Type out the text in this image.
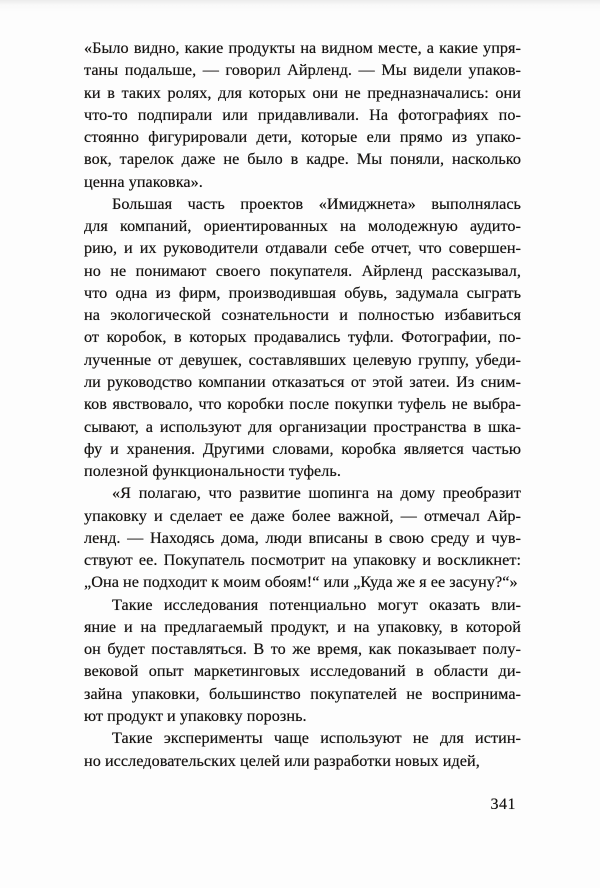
«Было видно, какие продукты на видном месте, а какие упря-
таны подальше, — говорил Айрленд. — Мы видели упаков-
ки в таких ролях, для которых они не предназначались: они
что-то подпирали или придавливали. На фотографиях по-
стоянно фигурировали дети, которые ели прямо из упако-
вок, тарелок даже не было в кадре. Мы поняли, насколько
ценна упаковка».
Большая часть проектов «Имиджнета» выполнялась
для компаний, ориентированных на молодежную аудито-
рию, и их руководители отдавали себе отчет, что совершен-
но не понимают своего покупателя. Айрленд рассказывал,
что одна из фирм, производившая обувь, задумала сыграть
на экологической сознательности и полностью избавиться
от коробок, в которых продавались туфли. Фотографии, по-
лученные от девушек, составлявших целевую группу, убеди-
ли руководство компании отказаться от этой затеи. Из сним-
ков явствовало, что коробки после покупки туфель не выбра-
сывают, а используют для организации пространства в шка-
фу и хранения. Другими словами, коробка является частью
полезной функциональности туфель.
«Я полагаю, что развитие шопинга на дому преобразит
упаковку и сделает ее даже более важной, — отмечал Айр-
ленд. — Находясь дома, люди вписаны в свою среду и чув-
ствуют ее. Покупатель посмотрит на упаковку и воскликнет:
„Она не подходит к моим обоям!“ или „Куда же я ее засуну?“»
Такие исследования потенциально могут оказать вли-
яние и на предлагаемый продукт, и на упаковку, в которой
он будет поставляться. В то же время, как показывает полу-
вековой опыт маркетинговых исследований в области ди-
зайна упаковки, большинство покупателей не воспринима-
ют продукт и упаковку порознь.
Такие эксперименты чаще используют не для истин-
но исследовательских целей или разработки новых идей,
341
